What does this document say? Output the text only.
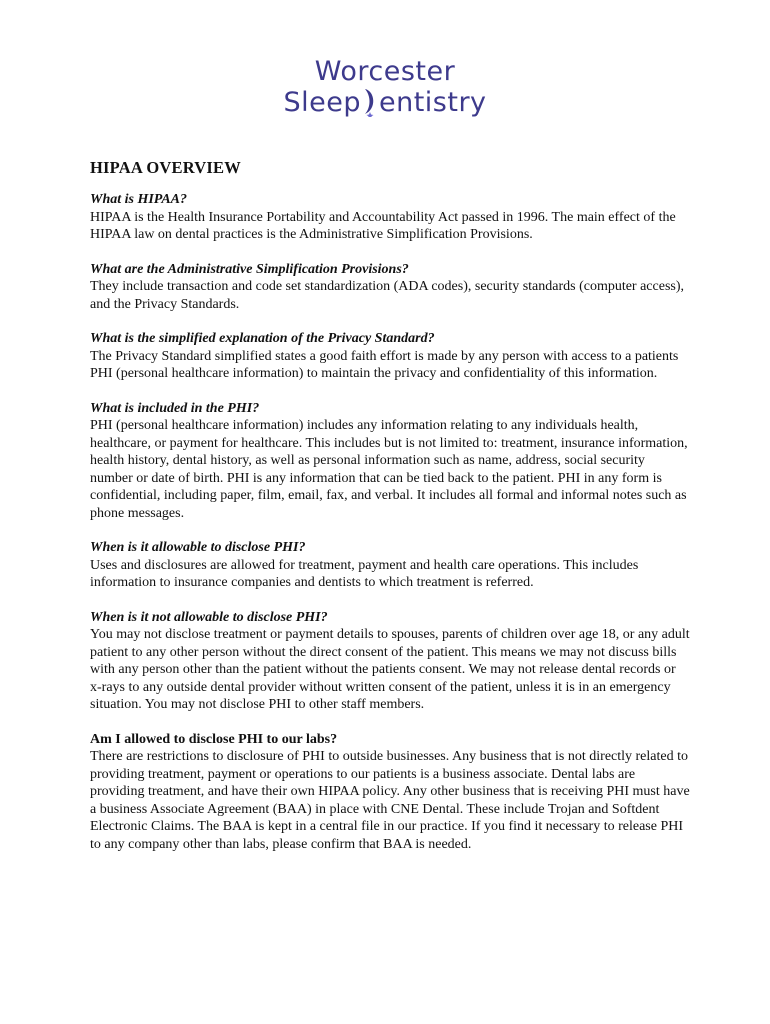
Worcester
Sleep entistry
HIPAA OVERVIEW

What is HIPAA?

HIPAA is the Health Insurance Portability and Accountability Act passed in 1996. The main effect of the HIPAA law on dental practices is the Administrative Simplification Provisions.

What are the Administrative Simplification Provisions?

They include transaction and code set standardization (ADA codes), security standards (computer access), and the Privacy Standards.

What is the simplified explanation of the Privacy Standard?

The Privacy Standard simplified states a good faith effort is made by any person with access to a patients PHI (personal healthcare information) to maintain the privacy and confidentiality of this information.

What is included in the PHI?

PHI (personal healthcare information) includes any information relating to any individuals health, healthcare, or payment for healthcare. This includes but is not limited to: treatment, insurance information, health history, dental history, as well as personal information such as name, address, social security number or date of birth. PHI is any information that can be tied back to the patient. PHI in any form is confidential, including paper, film, email, fax, and verbal. It includes all formal and informal notes such as phone messages.

When is it allowable to disclose PHI?

Uses and disclosures are allowed for treatment, payment and health care operations. This includes information to insurance companies and dentists to which treatment is referred.

When is it not allowable to disclose PHI?

You may not disclose treatment or payment details to spouses, parents of children over age 18, or any adult patient to any other person without the direct consent of the patient. This means we may not discuss bills with any person other than the patient without the patients consent. We may not release dental records or x-rays to any outside dental provider without written consent of the patient, unless it is in an emergency situation. You may not disclose PHI to other staff members.

Am I allowed to disclose PHI to our labs?

There are restrictions to disclosure of PHI to outside businesses. Any business that is not directly related to providing treatment, payment or operations to our patients is a business associate. Dental labs are providing treatment, and have their own HIPAA policy. Any other business that is receiving PHI must have a business Associate Agreement (BAA) in place with CNE Dental. These include Trojan and Softdent Electronic Claims. The BAA is kept in a central file in our practice. If you find it necessary to release PHI to any company other than labs, please confirm that BAA is needed.
